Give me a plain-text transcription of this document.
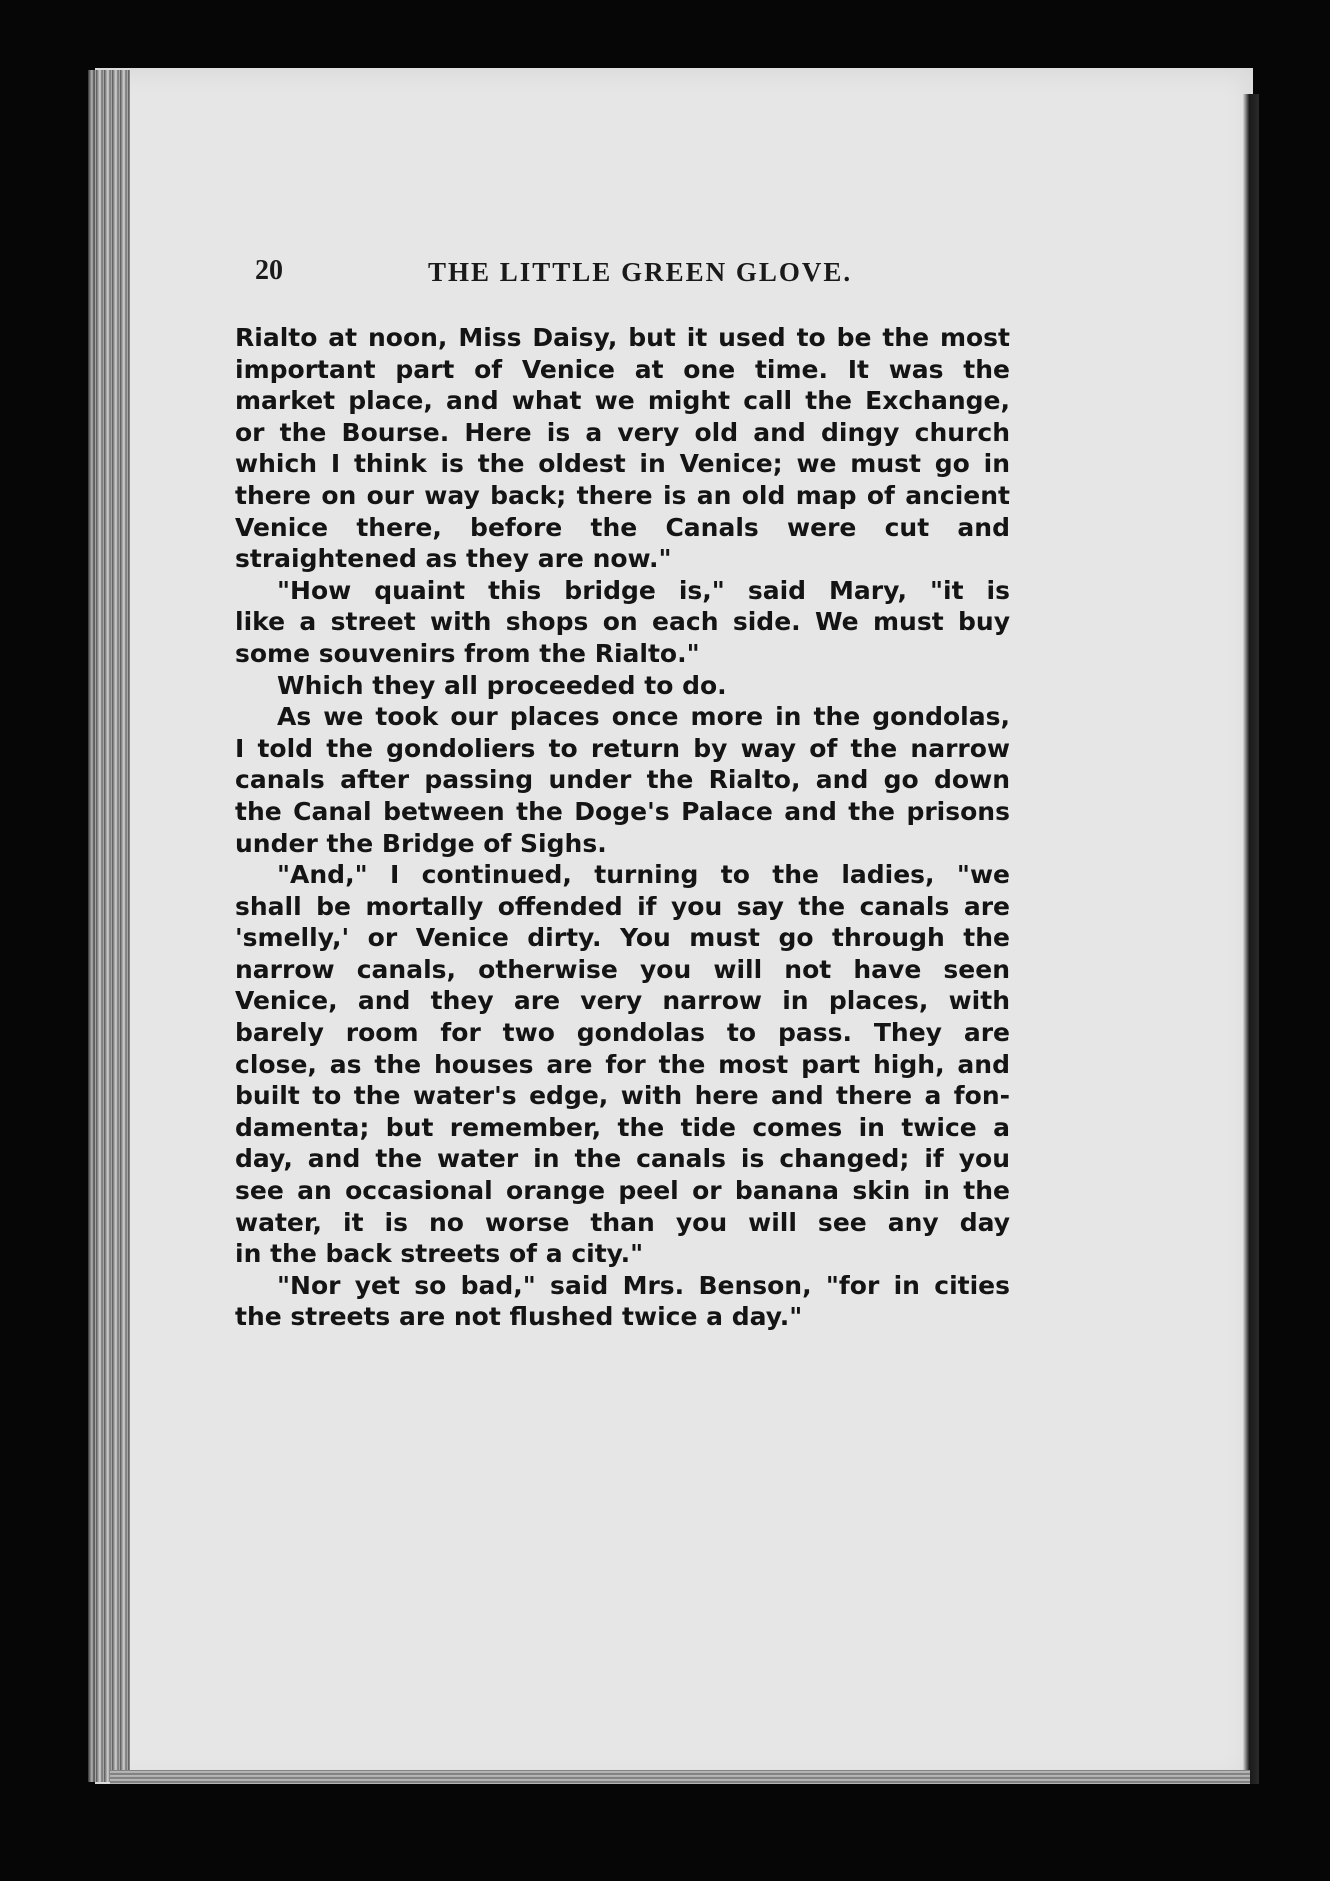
20	THE LITTLE GREEN GLOVE.
Rialto at noon, Miss Daisy, but it used to be the most
important part of Venice at one time. It was the
market place, and what we might call the Exchange,
or the Bourse. Here is a very old and dingy church
which I think is the oldest in Venice; we must go in
there on our way back; there is an old map of ancient
Venice there, before the Canals were cut and
straightened as they are now."
"How quaint this bridge is," said Mary, "it is
like a street with shops on each side. We must buy
some souvenirs from the Rialto."
Which they all proceeded to do.
As we took our places once more in the gondolas,
I told the gondoliers to return by way of the narrow
canals after passing under the Rialto, and go down
the Canal between the Doge's Palace and the prisons
under the Bridge of Sighs.
"And," I continued, turning to the ladies, "we
shall be mortally offended if you say the canals are
'smelly,' or Venice dirty. You must go through the
narrow canals, otherwise you will not have seen
Venice, and they are very narrow in places, with
barely room for two gondolas to pass. They are
close, as the houses are for the most part high, and
built to the water's edge, with here and there a fon-
damenta; but remember, the tide comes in twice a
day, and the water in the canals is changed; if you
see an occasional orange peel or banana skin in the
water, it is no worse than you will see any day
in the back streets of a city."
"Nor yet so bad," said Mrs. Benson, "for in cities
the streets are not flushed twice a day."
